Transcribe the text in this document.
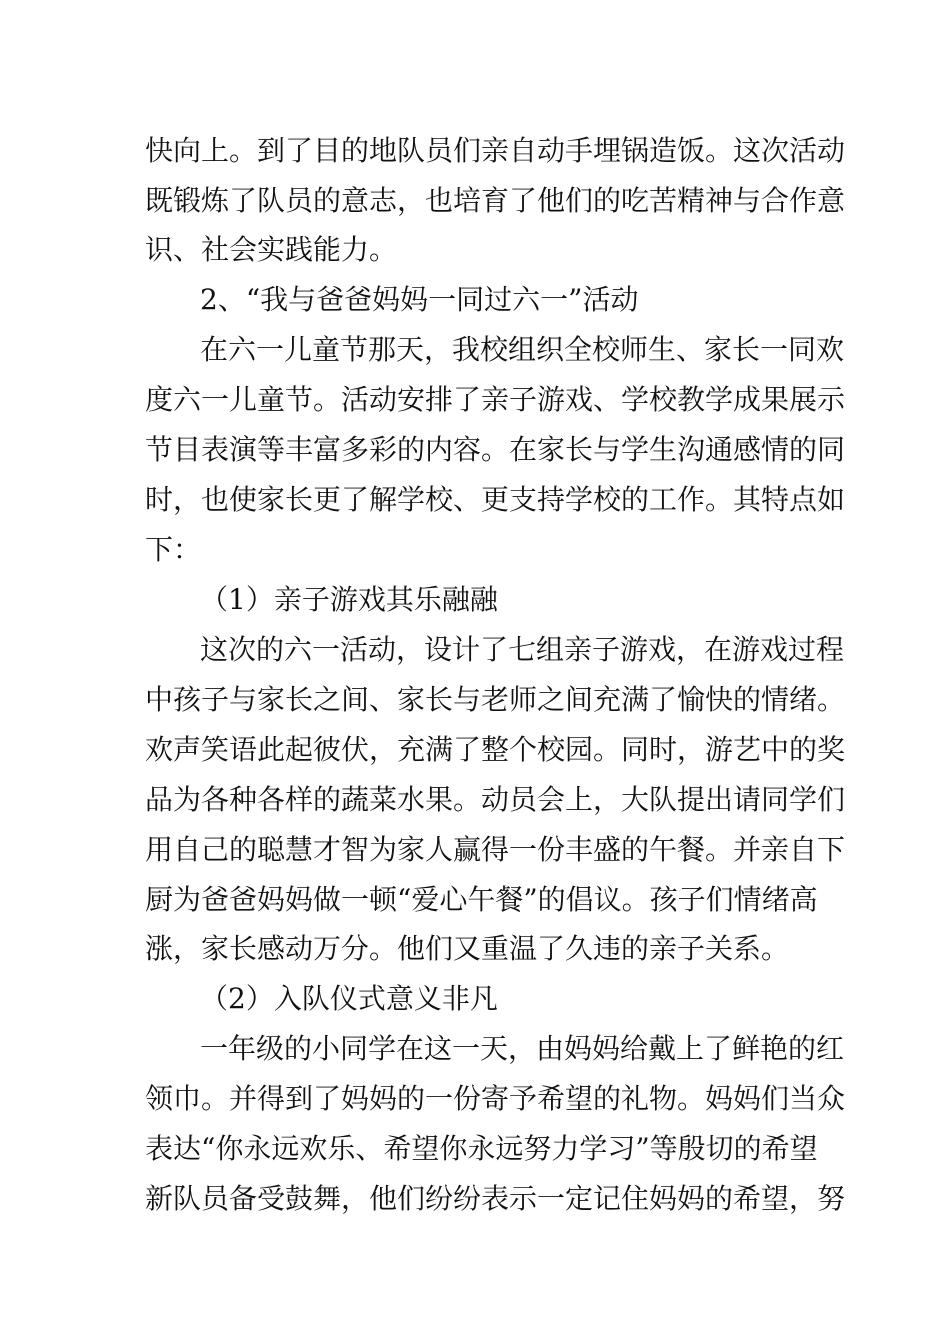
快向上。到了目的地队员们亲自动手埋锅造饭。这次活动
既锻炼了队员的意志，也培育了他们的吃苦精神与合作意
识、社会实践能力。
2、“我与爸爸妈妈一同过六一”活动
在六一儿童节那天，我校组织全校师生、家长一同欢
度六一儿童节。活动安排了亲子游戏、学校教学成果展示
节目表演等丰富多彩的内容。在家长与学生沟通感情的同
时，也使家长更了解学校、更支持学校的工作。其特点如
下：
（1）亲子游戏其乐融融
这次的六一活动，设计了七组亲子游戏，在游戏过程
中孩子与家长之间、家长与老师之间充满了愉快的情绪。
欢声笑语此起彼伏，充满了整个校园。同时，游艺中的奖
品为各种各样的蔬菜水果。动员会上，大队提出请同学们
用自己的聪慧才智为家人赢得一份丰盛的午餐。并亲自下
厨为爸爸妈妈做一顿“爱心午餐”的倡议。孩子们情绪高
涨，家长感动万分。他们又重温了久违的亲子关系。
（2）入队仪式意义非凡
一年级的小同学在这一天，由妈妈给戴上了鲜艳的红
领巾。并得到了妈妈的一份寄予希望的礼物。妈妈们当众
表达“你永远欢乐、希望你永远努力学习”等殷切的希望
新队员备受鼓舞，他们纷纷表示一定记住妈妈的希望，努
